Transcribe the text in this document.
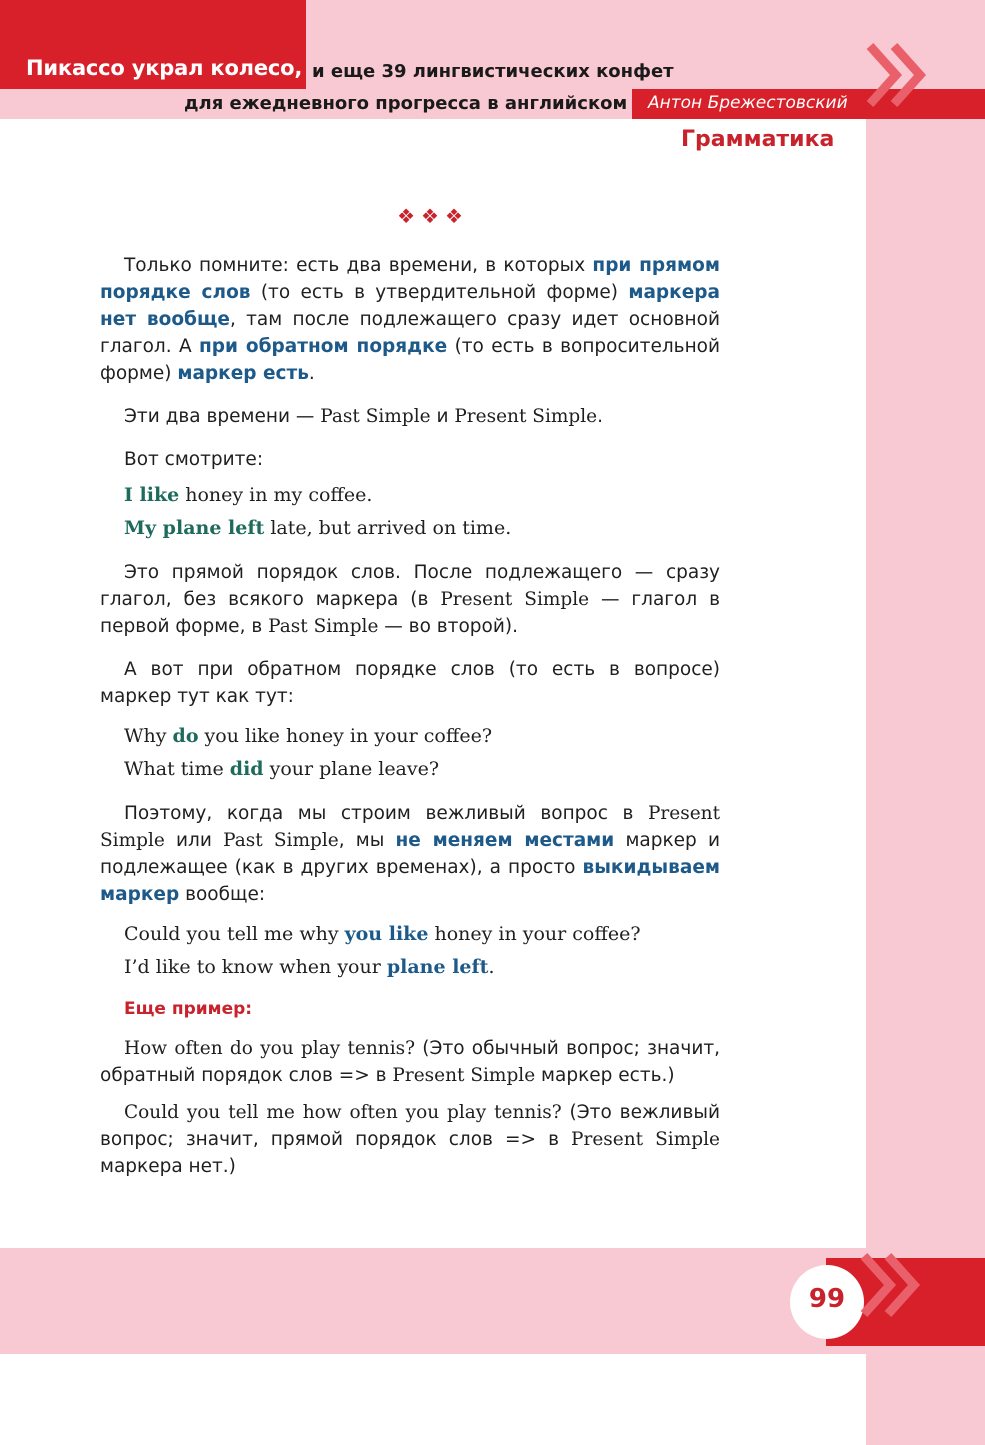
Пикассо украл колесо, и еще 39 лингвистических конфет
для ежедневного прогресса в английском Антон Брежестовский
Грамматика
❖❖❖

Только помните: есть два времени, в которых при прямом порядке слов (то есть в утвердительной форме) маркера нет вообще, там после подлежащего сразу идет основной глагол. А при обратном порядке (то есть в вопросительной форме) маркер есть.

Эти два времени — Past Simple и Present Simple.

Вот смотрите:

I like honey in my coffee.

My plane left late, but arrived on time.

Это прямой порядок слов. После подлежащего — сразу глагол, без всякого маркера (в Present Simple — глагол в первой форме, в Past Simple — во второй).

А вот при обратном порядке слов (то есть в вопросе) маркер тут как тут:

Why do you like honey in your coffee?

What time did your plane leave?

Поэтому, когда мы строим вежливый вопрос в Present Simple или Past Simple, мы не меняем местами маркер и подлежащее (как в других временах), а просто выкидываем маркер вообще:

Could you tell me why you like honey in your coffee?

I’d like to know when your plane left.

Еще пример:

How often do you play tennis? (Это обычный вопрос; значит, обратный порядок слов => в Present Simple маркер есть.)

Could you tell me how often you play tennis? (Это вежливый вопрос; значит, прямой порядок слов => в Present Simple маркера нет.)

99
